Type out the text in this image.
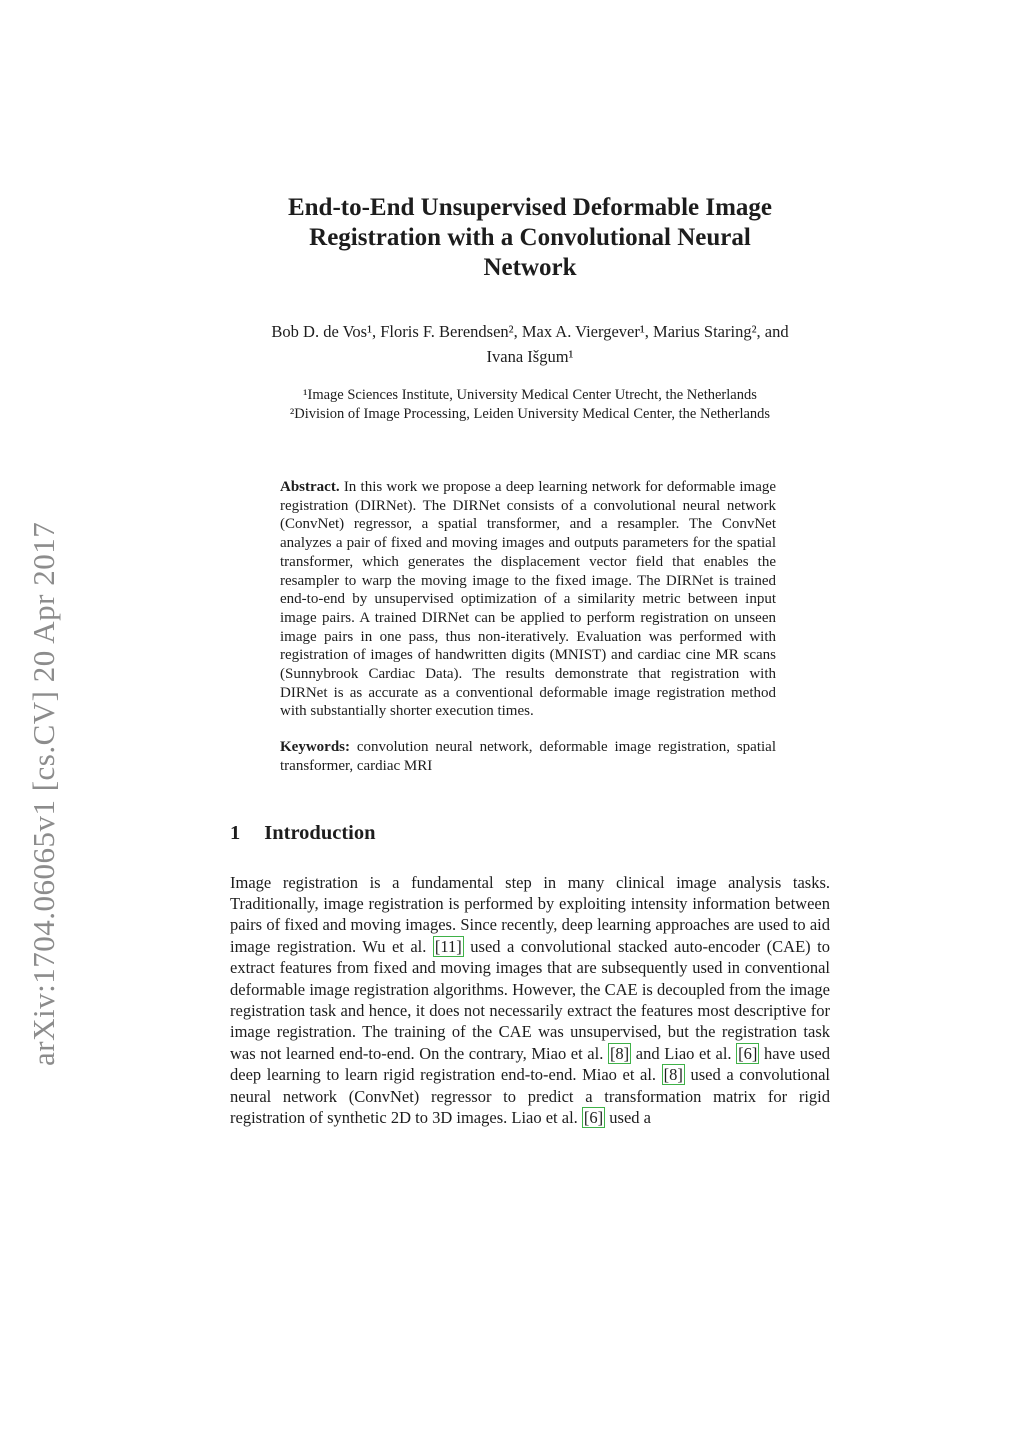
arXiv:1704.06065v1 [cs.CV] 20 Apr 2017
End-to-End Unsupervised Deformable Image
Registration with a Convolutional Neural
Network
Bob D. de Vos¹, Floris F. Berendsen², Max A. Viergever¹, Marius Staring², and
Ivana Išgum¹
¹Image Sciences Institute, University Medical Center Utrecht, the Netherlands
²Division of Image Processing, Leiden University Medical Center, the Netherlands

Abstract. In this work we propose a deep learning network for deformable image registration (DIRNet). The DIRNet consists of a convolutional neural network (ConvNet) regressor, a spatial transformer, and a resampler. The ConvNet analyzes a pair of fixed and moving images and outputs parameters for the spatial transformer, which generates the displacement vector field that enables the resampler to warp the moving image to the fixed image. The DIRNet is trained end-to-end by unsupervised optimization of a similarity metric between input image pairs. A trained DIRNet can be applied to perform registration on unseen image pairs in one pass, thus non-iteratively. Evaluation was performed with registration of images of handwritten digits (MNIST) and cardiac cine MR scans (Sunnybrook Cardiac Data). The results demonstrate that registration with DIRNet is as accurate as a conventional deformable image registration method with substantially shorter execution times.

Keywords: convolution neural network, deformable image registration, spatial transformer, cardiac MRI

1 Introduction

Image registration is a fundamental step in many clinical image analysis tasks. Traditionally, image registration is performed by exploiting intensity information between pairs of fixed and moving images. Since recently, deep learning approaches are used to aid image registration. Wu et al. [11] used a convolutional stacked auto-encoder (CAE) to extract features from fixed and moving images that are subsequently used in conventional deformable image registration algorithms. However, the CAE is decoupled from the image registration task and hence, it does not necessarily extract the features most descriptive for image registration. The training of the CAE was unsupervised, but the registration task was not learned end-to-end. On the contrary, Miao et al. [8] and Liao et al. [6] have used deep learning to learn rigid registration end-to-end. Miao et al. [8] used a convolutional neural network (ConvNet) regressor to predict a transformation matrix for rigid registration of synthetic 2D to 3D images. Liao et al. [6] used a
